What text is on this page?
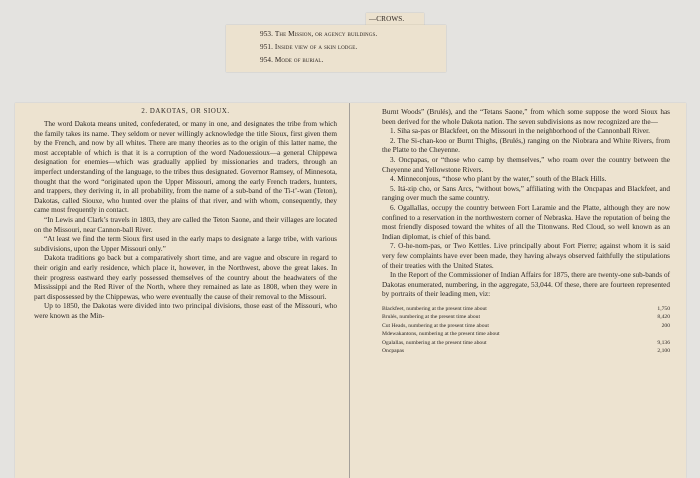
—CROWS.
953. The Mission, or agency buildings.
951. Inside view of a skin lodge.
954. Mode of burial.
2. DAKOTAS, OR SIOUX.

The word Dakota means united, confederated, or many in one, and designates the tribe from which the family takes its name. They seldom or never willingly acknowledge the title Sioux, first given them by the French, and now by all whites. There are many theories as to the origin of this latter name, the most acceptable of which is that it is a corruption of the word Nadouessioux—a general Chippewa designation for enemies—which was gradually applied by missionaries and traders, through an imperfect understanding of the language, to the tribes thus designated. Governor Ramsey, of Minnesota, thought that the word “originated upon the Upper Missouri, among the early French traders, hunters, and trappers, they deriving it, in all probability, from the name of a sub-band of the Ti-t’-wan (Teton), Dakotas, called Siouxe, who hunted over the plains of that river, and with whom, consequently, they came most frequently in contact.

“In Lewis and Clark’s travels in 1803, they are called the Teton Saone, and their villages are located on the Missouri, near Cannon-ball River.

“At least we find the term Sioux first used in the early maps to designate a large tribe, with various subdivisions, upon the Upper Missouri only.”

Dakota traditions go back but a comparatively short time, and are vague and obscure in regard to their origin and early residence, which place it, however, in the Northwest, above the great lakes. In their progress eastward they early possessed themselves of the country about the headwaters of the Mississippi and the Red River of the North, where they remained as late as 1808, when they were in part dispossessed by the Chippewas, who were eventually the cause of their removal to the Missouri.

Up to 1850, the Dakotas were divided into two principal divisions, those east of the Missouri, who were known as the Min-

Burnt Woods” (Brulés), and the “Tetans Saone,” from which some suppose the word Sioux has been derived for the whole Dakota nation. The seven subdivisions as now recognized are the—

1. Siha sa-pas or Blackfeet, on the Missouri in the neighborhood of the Cannonball River.

2. The Si-chan-koo or Burnt Thighs, (Brulés,) ranging on the Niobrara and White Rivers, from the Platte to the Cheyenne.

3. Oncpapas, or “those who camp by themselves,” who roam over the country between the Cheyenne and Yellowstone Rivers.

4. Minneconjous, “those who plant by the water,” south of the Black Hills.

5. Itá-zip cho, or Sans Arcs, “without bows,” affiliating with the Oncpapas and Blackfeet, and ranging over much the same country.

6. Ogallallas, occupy the country between Fort Laramie and the Platte, although they are now confined to a reservation in the northwestern corner of Nebraska. Have the reputation of being the most friendly disposed toward the whites of all the Titonwans. Red Cloud, so well known as an Indian diplomat, is chief of this band.

7. O-he-nom-pas, or Two Kettles. Live principally about Fort Pierre; against whom it is said very few complaints have ever been made, they having always observed faithfully the stipulations of their treaties with the United States.

In the Report of the Commissioner of Indian Affairs for 1875, there are twenty-one sub-bands of Dakotas enumerated, numbering, in the aggregate, 53,044. Of these, there are fourteen represented by portraits of their leading men, viz:

Blackfeet, numbering at the present time about	1,750
Brulés, numbering at the present time about	8,420
Cut Heads, numbering at the present time about	200
Mdewakantons, numbering at the present time about
Ogalallas, numbering at the present time about	9,136
Oncpapas	2,100
